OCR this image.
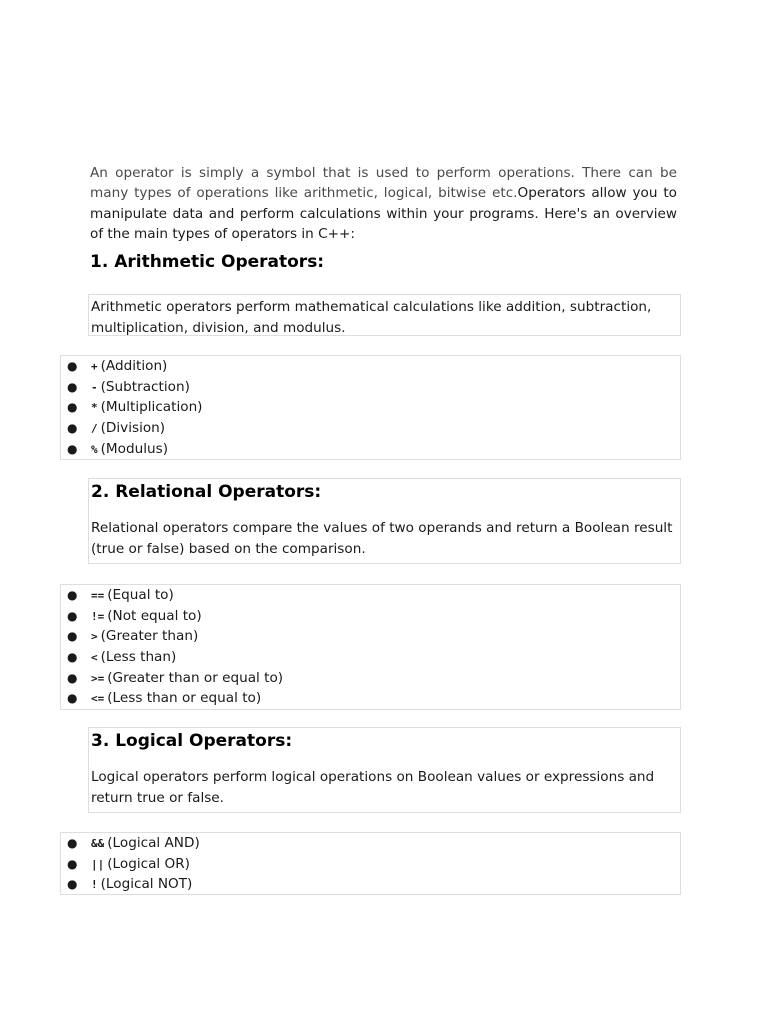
An operator is simply a symbol that is used to perform operations. There can be many types of operations like arithmetic, logical, bitwise etc.Operators allow you to manipulate data and perform calculations within your programs. Here's an overview of the main types of operators in C++:

1. Arithmetic Operators:

Arithmetic operators perform mathematical calculations like addition, subtraction, multiplication, division, and modulus.

● + (Addition)
● - (Subtraction)
● * (Multiplication)
● / (Division)
● % (Modulus)
2. Relational Operators:

Relational operators compare the values of two operands and return a Boolean result (true or false) based on the comparison.

● == (Equal to)
● != (Not equal to)
● > (Greater than)
● < (Less than)
● >= (Greater than or equal to)
● <= (Less than or equal to)
3. Logical Operators:

Logical operators perform logical operations on Boolean values or expressions and return true or false.

● && (Logical AND)
● || (Logical OR)
● ! (Logical NOT)
